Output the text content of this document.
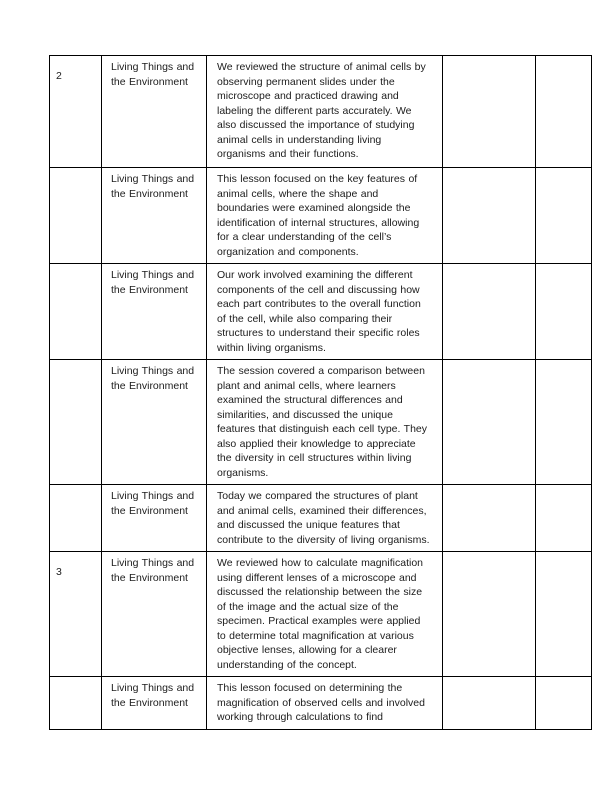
2
Living Things and the Environment
We reviewed the structure of animal cells by observing permanent slides under the microscope and practiced drawing and labeling the different parts accurately. We also discussed the importance of studying animal cells in understanding living organisms and their functions.
Living Things and the Environment
This lesson focused on the key features of animal cells, where the shape and boundaries were examined alongside the identification of internal structures, allowing for a clear understanding of the cell’s organization and components.
Living Things and the Environment
Our work involved examining the different components of the cell and discussing how each part contributes to the overall function of the cell, while also comparing their structures to understand their specific roles within living organisms.
Living Things and the Environment
The session covered a comparison between plant and animal cells, where learners examined the structural differences and similarities, and discussed the unique features that distinguish each cell type. They also applied their knowledge to appreciate the diversity in cell structures within living organisms.
Living Things and the Environment
Today we compared the structures of plant and animal cells, examined their differences, and discussed the unique features that contribute to the diversity of living organisms.
3
Living Things and the Environment
We reviewed how to calculate magnification using different lenses of a microscope and discussed the relationship between the size of the image and the actual size of the specimen. Practical examples were applied to determine total magnification at various objective lenses, allowing for a clearer understanding of the concept.
Living Things and the Environment
This lesson focused on determining the magnification of observed cells and involved working through calculations to find
